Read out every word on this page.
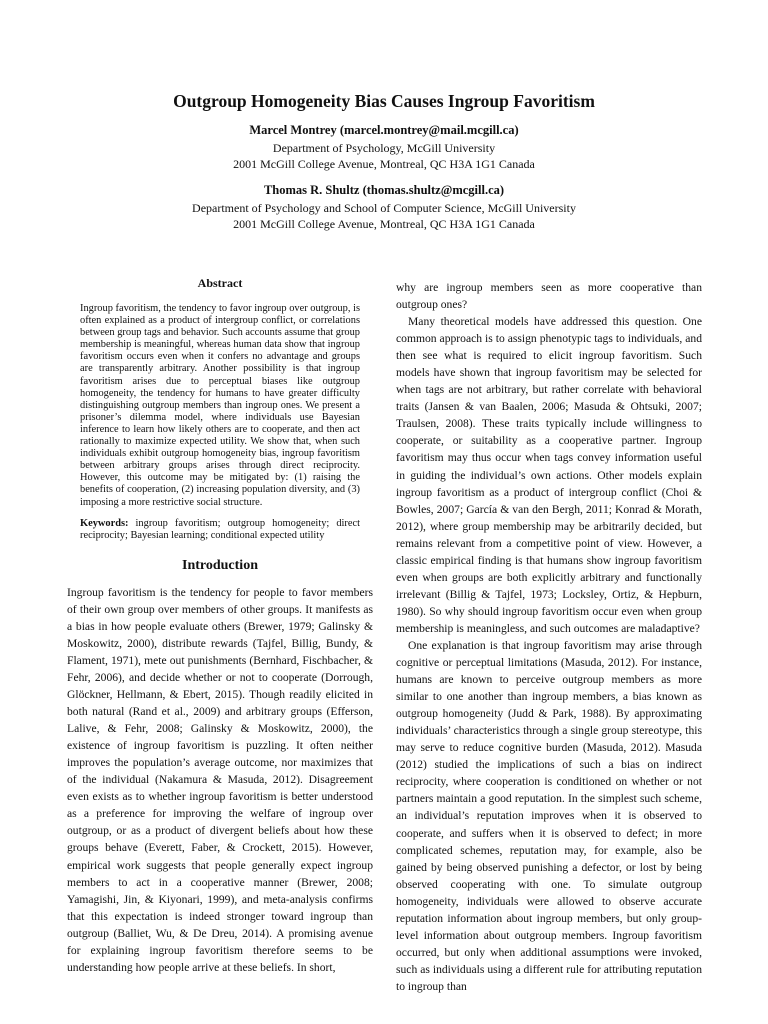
Outgroup Homogeneity Bias Causes Ingroup Favoritism
Marcel Montrey (marcel.montrey@mail.mcgill.ca)
Department of Psychology, McGill University
2001 McGill College Avenue, Montreal, QC H3A 1G1 Canada
Thomas R. Shultz (thomas.shultz@mcgill.ca)
Department of Psychology and School of Computer Science, McGill University
2001 McGill College Avenue, Montreal, QC H3A 1G1 Canada
Abstract

Ingroup favoritism, the tendency to favor ingroup over outgroup, is often explained as a product of intergroup conflict, or correlations between group tags and behavior. Such accounts assume that group membership is meaningful, whereas human data show that ingroup favoritism occurs even when it confers no advantage and groups are transparently arbitrary. Another possibility is that ingroup favoritism arises due to perceptual biases like outgroup homogeneity, the tendency for humans to have greater difficulty distinguishing outgroup members than ingroup ones. We present a prisoner’s dilemma model, where individuals use Bayesian inference to learn how likely others are to cooperate, and then act rationally to maximize expected utility. We show that, when such individuals exhibit outgroup homogeneity bias, ingroup favoritism between arbitrary groups arises through direct reciprocity. However, this outcome may be mitigated by: (1) raising the benefits of cooperation, (2) increasing population diversity, and (3) imposing a more restrictive social structure.

Keywords: ingroup favoritism; outgroup homogeneity; direct reciprocity; Bayesian learning; conditional expected utility

Introduction

Ingroup favoritism is the tendency for people to favor members of their own group over members of other groups. It manifests as a bias in how people evaluate others (Brewer, 1979; Galinsky & Moskowitz, 2000), distribute rewards (Tajfel, Billig, Bundy, & Flament, 1971), mete out punishments (Bernhard, Fischbacher, & Fehr, 2006), and decide whether or not to cooperate (Dorrough, Glöckner, Hellmann, & Ebert, 2015). Though readily elicited in both natural (Rand et al., 2009) and arbitrary groups (Efferson, Lalive, & Fehr, 2008; Galinsky & Moskowitz, 2000), the existence of ingroup favoritism is puzzling. It often neither improves the population’s average outcome, nor maximizes that of the individual (Nakamura & Masuda, 2012). Disagreement even exists as to whether ingroup favoritism is better understood as a preference for improving the welfare of ingroup over outgroup, or as a product of divergent beliefs about how these groups behave (Everett, Faber, & Crockett, 2015). However, empirical work suggests that people generally expect ingroup members to act in a cooperative manner (Brewer, 2008; Yamagishi, Jin, & Kiyonari, 1999), and meta-analysis confirms that this expectation is indeed stronger toward ingroup than outgroup (Balliet, Wu, & De Dreu, 2014). A promising avenue for explaining ingroup favoritism therefore seems to be understanding how people arrive at these beliefs. In short,

why are ingroup members seen as more cooperative than outgroup ones?

Many theoretical models have addressed this question. One common approach is to assign phenotypic tags to individuals, and then see what is required to elicit ingroup favoritism. Such models have shown that ingroup favoritism may be selected for when tags are not arbitrary, but rather correlate with behavioral traits (Jansen & van Baalen, 2006; Masuda & Ohtsuki, 2007; Traulsen, 2008). These traits typically include willingness to cooperate, or suitability as a cooperative partner. Ingroup favoritism may thus occur when tags convey information useful in guiding the individual’s own actions. Other models explain ingroup favoritism as a product of intergroup conflict (Choi & Bowles, 2007; García & van den Bergh, 2011; Konrad & Morath, 2012), where group membership may be arbitrarily decided, but remains relevant from a competitive point of view. However, a classic empirical finding is that humans show ingroup favoritism even when groups are both explicitly arbitrary and functionally irrelevant (Billig & Tajfel, 1973; Locksley, Ortiz, & Hepburn, 1980). So why should ingroup favoritism occur even when group membership is meaningless, and such outcomes are maladaptive?

One explanation is that ingroup favoritism may arise through cognitive or perceptual limitations (Masuda, 2012). For instance, humans are known to perceive outgroup members as more similar to one another than ingroup members, a bias known as outgroup homogeneity (Judd & Park, 1988). By approximating individuals’ characteristics through a single group stereotype, this may serve to reduce cognitive burden (Masuda, 2012). Masuda (2012) studied the implications of such a bias on indirect reciprocity, where cooperation is conditioned on whether or not partners maintain a good reputation. In the simplest such scheme, an individual’s reputation improves when it is observed to cooperate, and suffers when it is observed to defect; in more complicated schemes, reputation may, for example, also be gained by being observed punishing a defector, or lost by being observed cooperating with one. To simulate outgroup homogeneity, individuals were allowed to observe accurate reputation information about ingroup members, but only group-level information about outgroup members. Ingroup favoritism occurred, but only when additional assumptions were invoked, such as individuals using a different rule for attributing reputation to ingroup than
